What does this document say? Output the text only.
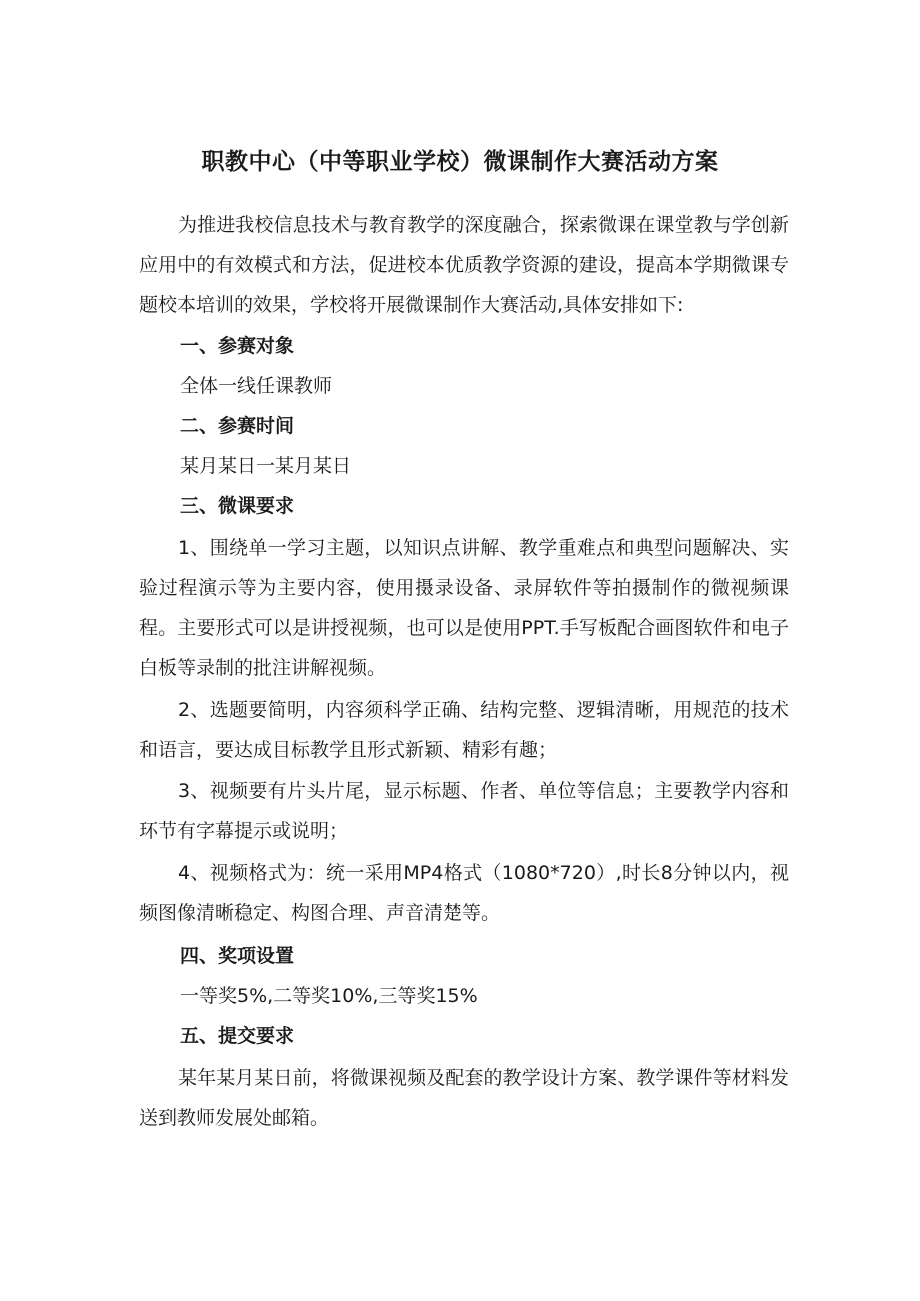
职教中心（中等职业学校）微课制作大赛活动方案

为推进我校信息技术与教育教学的深度融合，探索微课在课堂教与学创新应用中的有效模式和方法，促进校本优质教学资源的建设，提高本学期微课专题校本培训的效果，学校将开展微课制作大赛活动,具体安排如下:

一、参赛对象
全体一线任课教师
二、参赛时间
某月某日一某月某日
三、微课要求

1、围绕单一学习主题，以知识点讲解、教学重难点和典型问题解决、实验过程演示等为主要内容，使用摄录设备、录屏软件等拍摄制作的微视频课程。主要形式可以是讲授视频，也可以是使用PPT.手写板配合画图软件和电子白板等录制的批注讲解视频。

2、选题要简明，内容须科学正确、结构完整、逻辑清晰，用规范的技术和语言，要达成目标教学且形式新颖、精彩有趣；

3、视频要有片头片尾，显示标题、作者、单位等信息；主要教学内容和环节有字幕提示或说明；

4、视频格式为：统一采用MP4格式（1080*720）,时长8分钟以内，视频图像清晰稳定、构图合理、声音清楚等。

四、奖项设置
一等奖5%,二等奖10%,三等奖15%
五、提交要求

某年某月某日前，将微课视频及配套的教学设计方案、教学课件等材料发送到教师发展处邮箱。
